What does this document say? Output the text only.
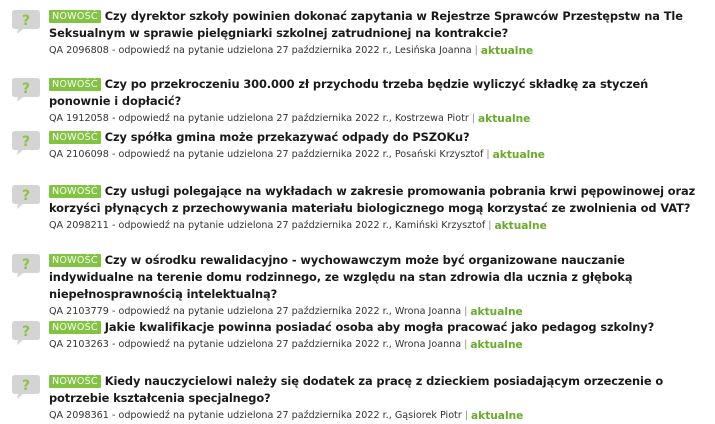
?	NOWOŚĆ Czy dyrektor szkoły powinien dokonać zapytania w Rejestrze Sprawców Przestępstw na Tle Seksualnym w sprawie pielęgniarki szkolnej zatrudnionej na kontrakcie?
QA 2096808 - odpowiedź na pytanie udzielona 27 października 2022 r., Lesińska Joanna | aktualne
?	NOWOŚĆ Czy po przekroczeniu 300.000 zł przychodu trzeba będzie wyliczyć składkę za styczeń ponownie i dopłacić?
QA 1912058 - odpowiedź na pytanie udzielona 27 października 2022 r., Kostrzewa Piotr | aktualne
?	NOWOŚĆ Czy spółka gmina może przekazywać odpady do PSZOKu?
QA 2106098 - odpowiedź na pytanie udzielona 27 października 2022 r., Posański Krzysztof | aktualne
?	NOWOŚĆ Czy usługi polegające na wykładach w zakresie promowania pobrania krwi pępowinowej oraz korzyści płynących z przechowywania materiału biologicznego mogą korzystać ze zwolnienia od VAT?
QA 2098211 - odpowiedź na pytanie udzielona 27 października 2022 r., Kamiński Krzysztof | aktualne
?	NOWOŚĆ Czy w ośrodku rewalidacyjno - wychowawczym może być organizowane nauczanie indywidualne na terenie domu rodzinnego, ze względu na stan zdrowia dla ucznia z głęboką niepełnosprawnością intelektualną?
QA 2103779 - odpowiedź na pytanie udzielona 27 października 2022 r., Wrona Joanna | aktualne
?	NOWOŚĆ Jakie kwalifikacje powinna posiadać osoba aby mogła pracować jako pedagog szkolny?
QA 2103263 - odpowiedź na pytanie udzielona 27 października 2022 r., Wrona Joanna | aktualne
?	NOWOŚĆ Kiedy nauczycielowi należy się dodatek za pracę z dzieckiem posiadającym orzeczenie o potrzebie kształcenia specjalnego?
QA 2098361 - odpowiedź na pytanie udzielona 27 października 2022 r., Gąsiorek Piotr | aktualne
